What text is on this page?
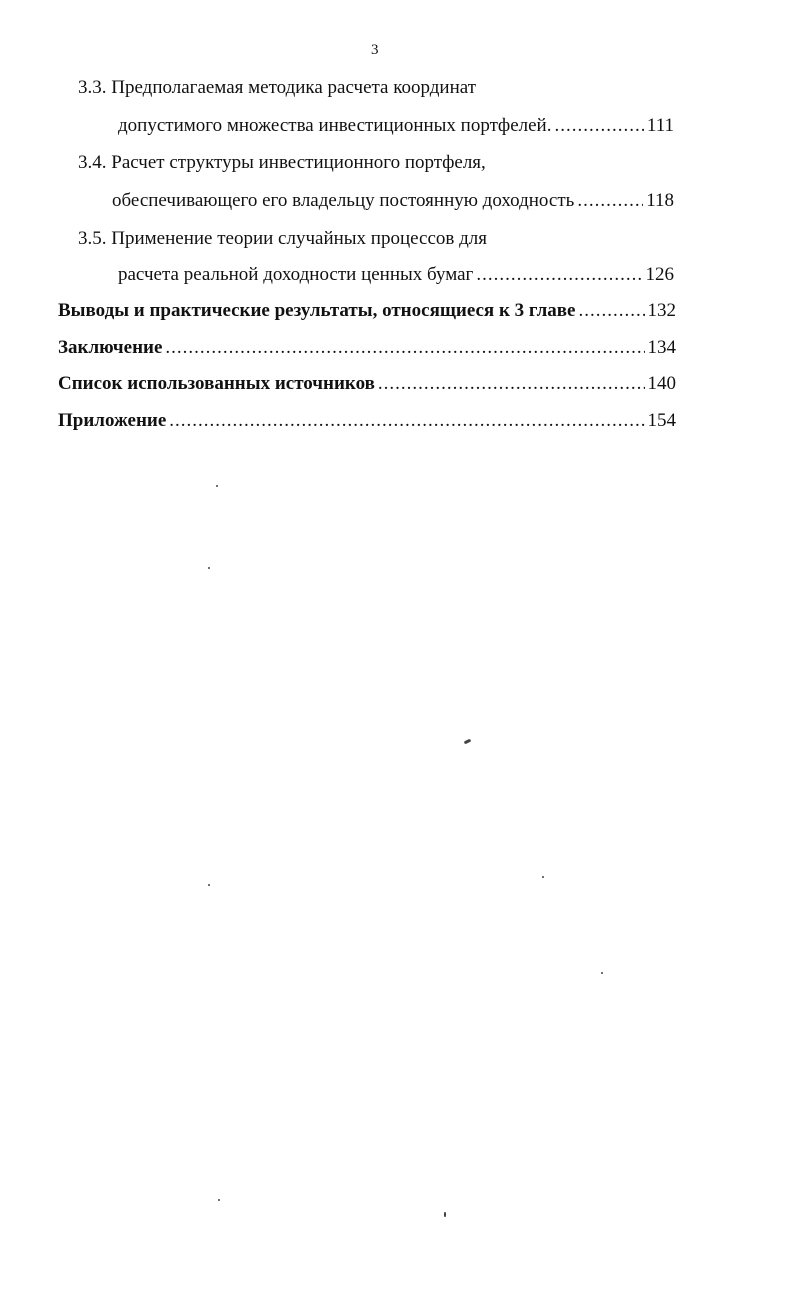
3
3.3. Предполагаемая методика расчета координат
допустимого множества инвестиционных портфелей. .....	111
3.4. Расчет структуры инвестиционного портфеля,
обеспечивающего его владельцу постоянную доходность .....	118
3.5. Применение теории случайных процессов для
расчета реальной доходности ценных бумаг .....	126
Выводы и практические результаты, относящиеся к 3 главе .....	132
Заключение .....	134
Список использованных источников .....	140
Приложение .....	154
